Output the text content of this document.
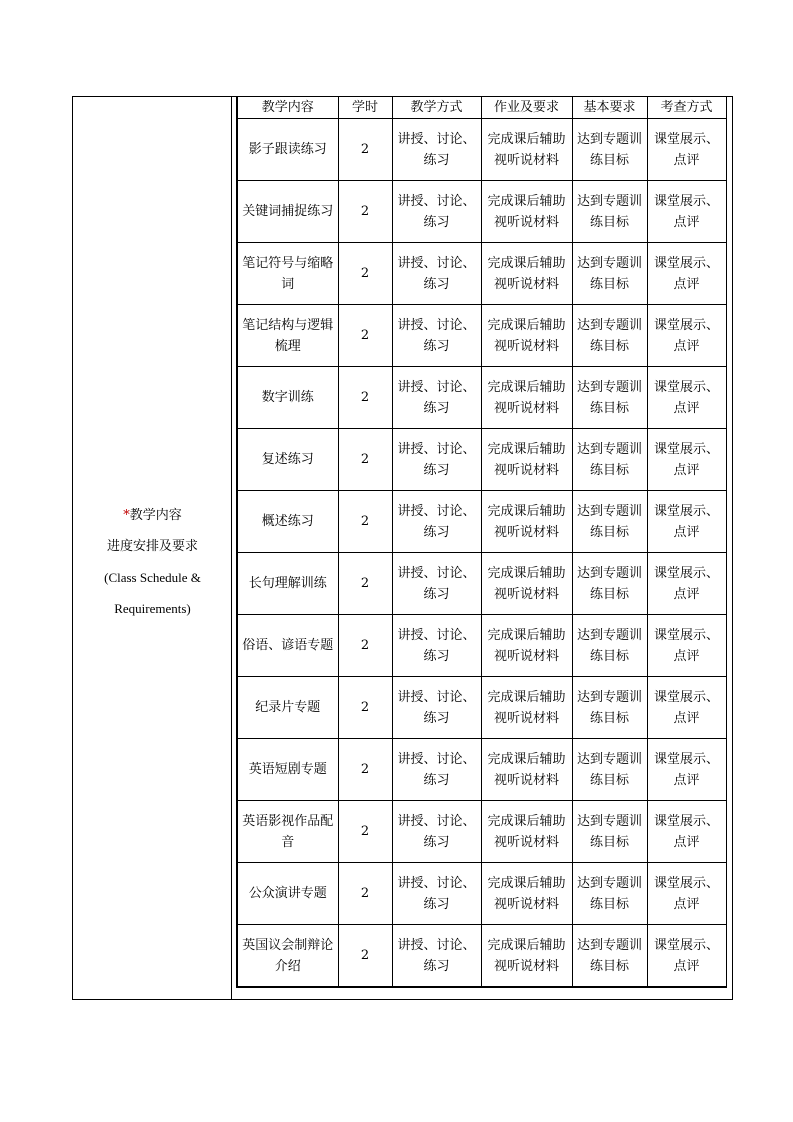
*教学内容
进度安排及要求
(Class Schedule &
Requirements)
教学内容	学时	教学方式	作业及要求	基本要求	考查方式
影子跟读练习	2	讲授、讨论、练习	完成课后辅助视听说材料	达到专题训练目标	课堂展示、点评
关键词捕捉练习	2	讲授、讨论、练习	完成课后辅助视听说材料	达到专题训练目标	课堂展示、点评
笔记符号与缩略词	2	讲授、讨论、练习	完成课后辅助视听说材料	达到专题训练目标	课堂展示、点评
笔记结构与逻辑梳理	2	讲授、讨论、练习	完成课后辅助视听说材料	达到专题训练目标	课堂展示、点评
数字训练	2	讲授、讨论、练习	完成课后辅助视听说材料	达到专题训练目标	课堂展示、点评
复述练习	2	讲授、讨论、练习	完成课后辅助视听说材料	达到专题训练目标	课堂展示、点评
概述练习	2	讲授、讨论、练习	完成课后辅助视听说材料	达到专题训练目标	课堂展示、点评
长句理解训练	2	讲授、讨论、练习	完成课后辅助视听说材料	达到专题训练目标	课堂展示、点评
俗语、谚语专题	2	讲授、讨论、练习	完成课后辅助视听说材料	达到专题训练目标	课堂展示、点评
纪录片专题	2	讲授、讨论、练习	完成课后辅助视听说材料	达到专题训练目标	课堂展示、点评
英语短剧专题	2	讲授、讨论、练习	完成课后辅助视听说材料	达到专题训练目标	课堂展示、点评
英语影视作品配音	2	讲授、讨论、练习	完成课后辅助视听说材料	达到专题训练目标	课堂展示、点评
公众演讲专题	2	讲授、讨论、练习	完成课后辅助视听说材料	达到专题训练目标	课堂展示、点评
英国议会制辩论介绍	2	讲授、讨论、练习	完成课后辅助视听说材料	达到专题训练目标	课堂展示、点评
